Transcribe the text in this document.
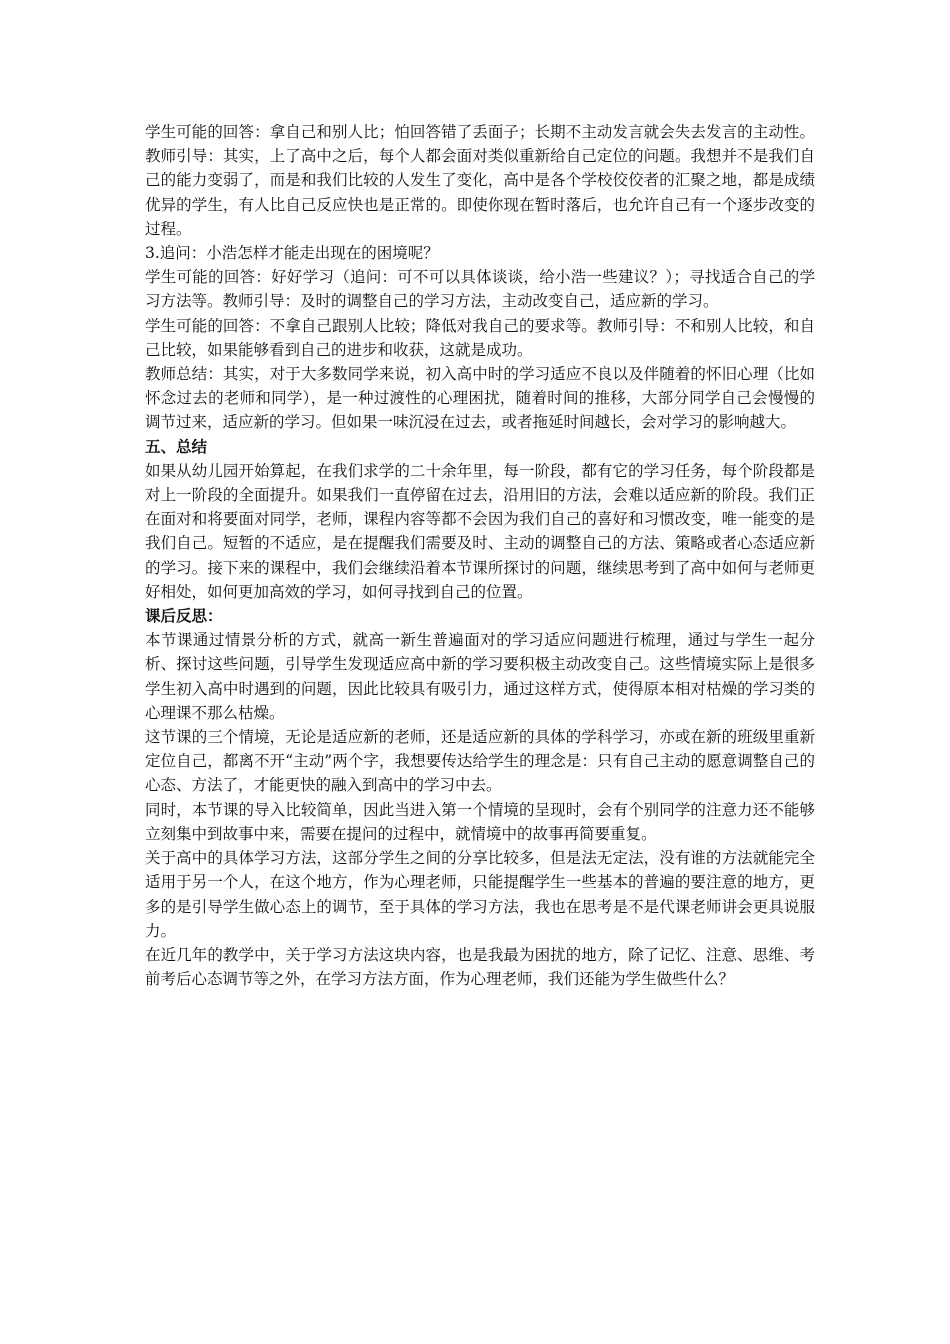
学生可能的回答：拿自己和别人比；怕回答错了丢面子；长期不主动发言就会失去发言的主动性。教师引导：其实，上了高中之后，每个人都会面对类似重新给自己定位的问题。我想并不是我们自己的能力变弱了，而是和我们比较的人发生了变化，高中是各个学校佼佼者的汇聚之地，都是成绩优异的学生，有人比自己反应快也是正常的。即使你现在暂时落后，也允许自己有一个逐步改变的过程。

3.追问：小浩怎样才能走出现在的困境呢？

学生可能的回答：好好学习（追问：可不可以具体谈谈，给小浩一些建议？）；寻找适合自己的学习方法等。教师引导：及时的调整自己的学习方法，主动改变自己，适应新的学习。

学生可能的回答：不拿自己跟别人比较；降低对我自己的要求等。教师引导：不和别人比较，和自己比较，如果能够看到自己的进步和收获，这就是成功。

教师总结：其实，对于大多数同学来说，初入高中时的学习适应不良以及伴随着的怀旧心理（比如怀念过去的老师和同学），是一种过渡性的心理困扰，随着时间的推移，大部分同学自己会慢慢的调节过来，适应新的学习。但如果一味沉浸在过去，或者拖延时间越长，会对学习的影响越大。

五、总结

如果从幼儿园开始算起，在我们求学的二十余年里，每一阶段，都有它的学习任务，每个阶段都是对上一阶段的全面提升。如果我们一直停留在过去，沿用旧的方法，会难以适应新的阶段。我们正在面对和将要面对同学，老师，课程内容等都不会因为我们自己的喜好和习惯改变，唯一能变的是我们自己。短暂的不适应，是在提醒我们需要及时、主动的调整自己的方法、策略或者心态适应新的学习。接下来的课程中，我们会继续沿着本节课所探讨的问题，继续思考到了高中如何与老师更好相处，如何更加高效的学习，如何寻找到自己的位置。

课后反思：

本节课通过情景分析的方式，就高一新生普遍面对的学习适应问题进行梳理，通过与学生一起分析、探讨这些问题，引导学生发现适应高中新的学习要积极主动改变自己。这些情境实际上是很多学生初入高中时遇到的问题，因此比较具有吸引力，通过这样方式，使得原本相对枯燥的学习类的心理课不那么枯燥。

这节课的三个情境，无论是适应新的老师，还是适应新的具体的学科学习，亦或在新的班级里重新定位自己，都离不开“主动”两个字，我想要传达给学生的理念是：只有自己主动的愿意调整自己的心态、方法了，才能更快的融入到高中的学习中去。

同时，本节课的导入比较简单，因此当进入第一个情境的呈现时，会有个别同学的注意力还不能够立刻集中到故事中来，需要在提问的过程中，就情境中的故事再简要重复。

关于高中的具体学习方法，这部分学生之间的分享比较多，但是法无定法，没有谁的方法就能完全适用于另一个人，在这个地方，作为心理老师，只能提醒学生一些基本的普遍的要注意的地方，更多的是引导学生做心态上的调节，至于具体的学习方法，我也在思考是不是代课老师讲会更具说服力。

在近几年的教学中，关于学习方法这块内容，也是我最为困扰的地方，除了记忆、注意、思维、考前考后心态调节等之外，在学习方法方面，作为心理老师，我们还能为学生做些什么？
